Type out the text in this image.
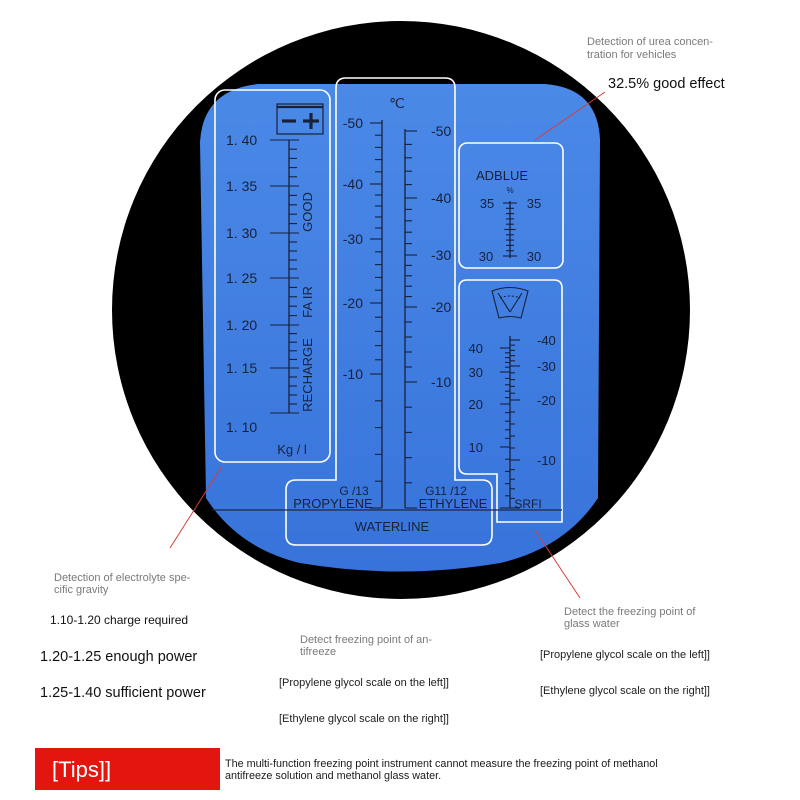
1. 40
1. 35
1. 30
1. 25
1. 20
1. 15
1. 10
GOOD
FA IR
RECHARGE
Kg / l
℃
-50
-40
-30
-20
-10
-50
-40
-30
-20
-10
G /13	G11 /12
PROPYLENE	ETHYLENE
WATERLINE
ADBLUE
%
35	35
30	30
40
30
20
10
-40
-30
-20
-10
SRFI
Detection of urea concen-
tration for vehicles
32.5% good effect
Detection of electrolyte spe-
cific gravity
1.10-1.20 charge required
1.20-1.25 enough power
1.25-1.40 sufficient power
Detect freezing point of an-
tifreeze
[Propylene glycol scale on the left]]
[Ethylene glycol scale on the right]]
Detect the freezing point of
glass water
[Propylene glycol scale on the left]]
[Ethylene glycol scale on the right]]
[Tips]]	The multi-function freezing point instrument cannot measure the freezing point of methanol
antifreeze solution and methanol glass water.
